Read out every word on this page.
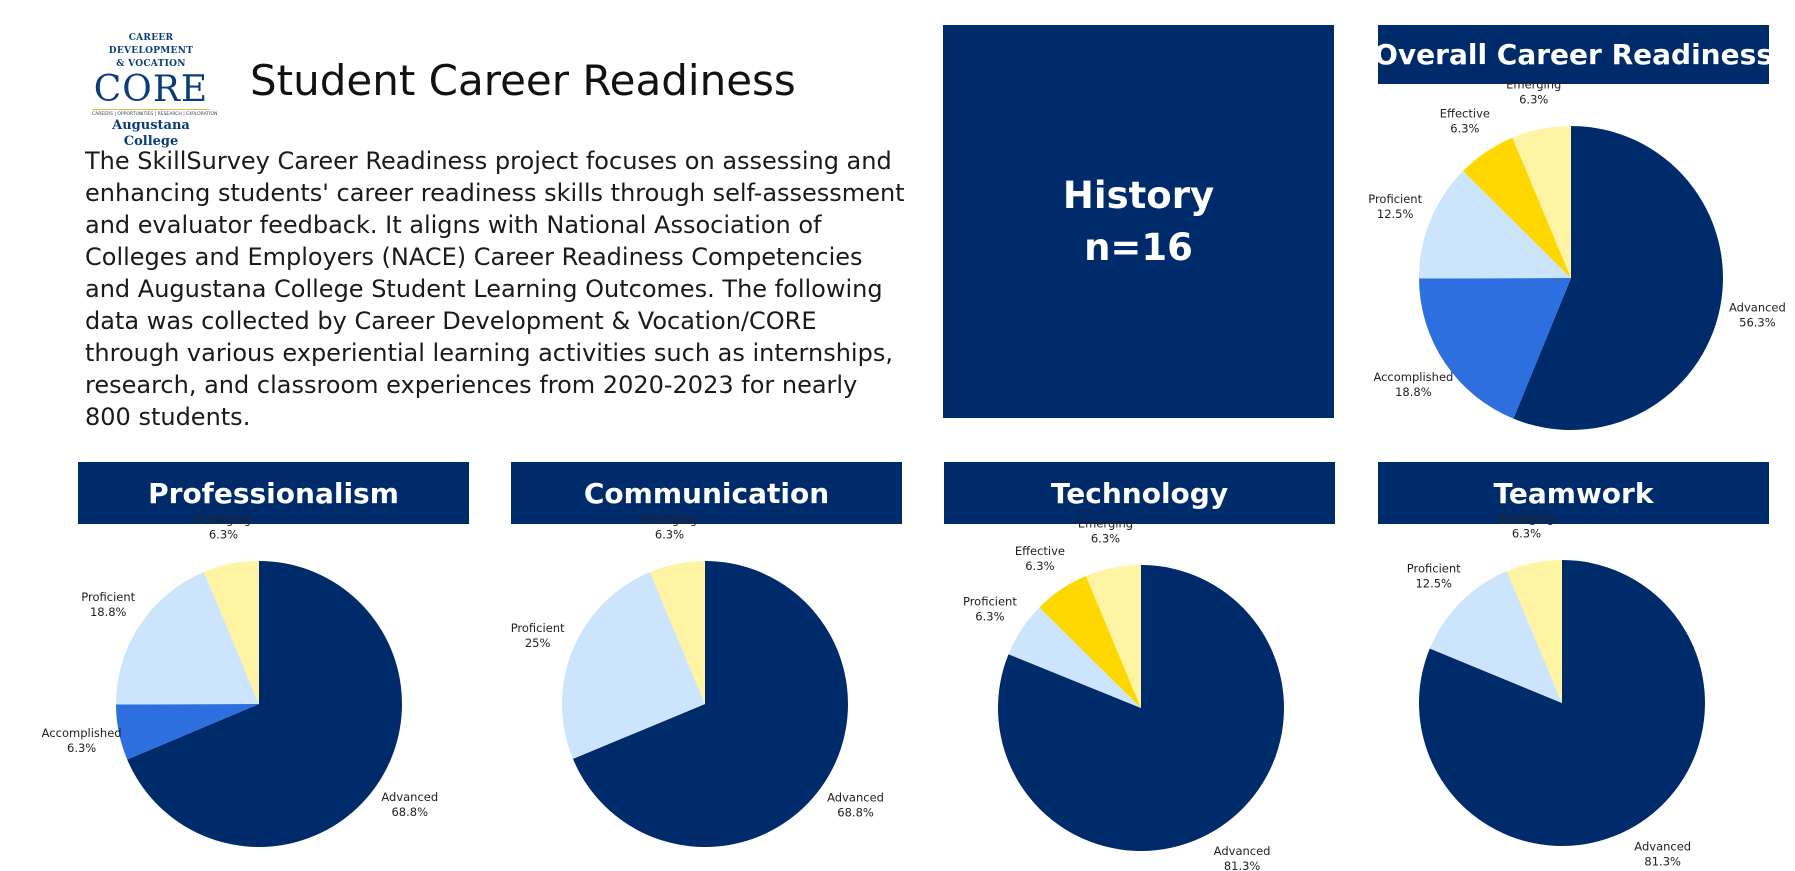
CAREER DEVELOPMENT
& VOCATION
CORE
CAREERS | OPPORTUNITIES | RESEARCH | EXPLORATION
Augustana College
Student Career Readiness
The SkillSurvey Career Readiness project focuses on assessing and enhancing students' career readiness skills through self-assessment and evaluator feedback. It aligns with National Association of Colleges and Employers (NACE) Career Readiness Competencies and Augustana College Student Learning Outcomes. The following data was collected by Career Development & Vocation/CORE through various experiential learning activities such as internships, research, and classroom experiences from 2020-2023 for nearly 800 students.
History
n=16
Overall Career Readiness
Professionalism	Communication	Technology	Teamwork
Advanced 56.3%
Accomplished 18.8%
Proficient 12.5%
Effective 6.3%
Emerging 6.3%
Advanced 68.8%
Accomplished 6.3%
Proficient 18.8%
Emerging 6.3%
Advanced 68.8%
Proficient 25%
Emerging 6.3%
Advanced 81.3%
Proficient 6.3%
Effective 6.3%
Emerging 6.3%
Advanced 81.3%
Proficient 12.5%
Emerging 6.3%
